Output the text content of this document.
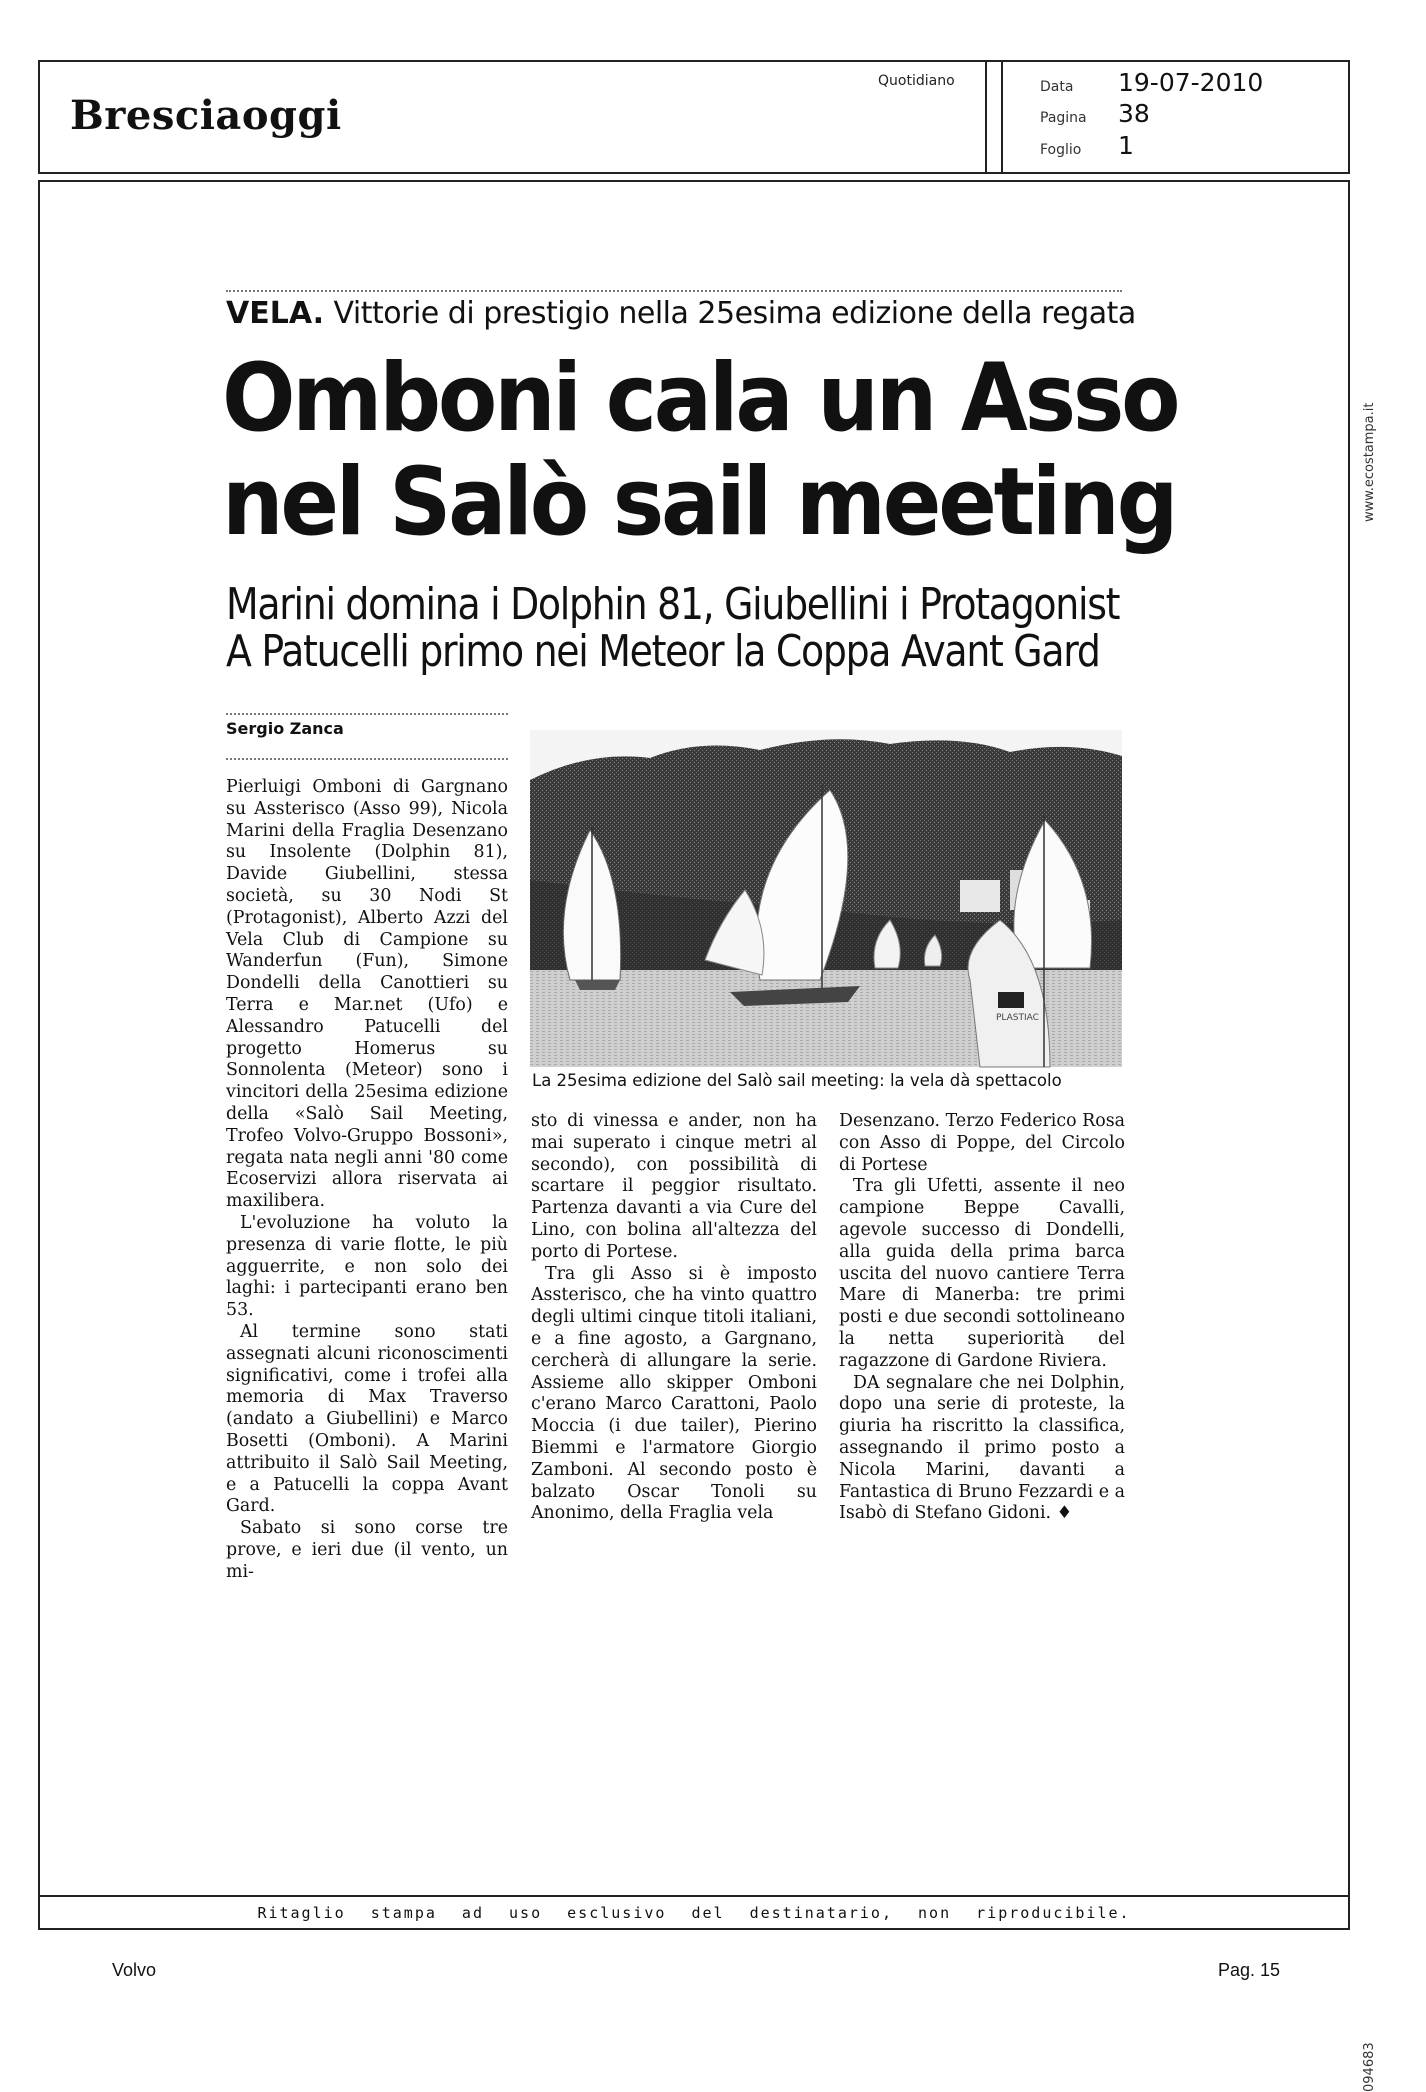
Bresciaoggi
Quotidiano	Data 19-07-2010
Pagina 38
Foglio 1
www.ecostampa.it
094683
Ritaglio stampa ad uso esclusivo del destinatario, non riproducibile.
VELA. Vittorie di prestigio nella 25esima edizione della regata
Omboni cala un Asso
nel Salò sail meeting
Marini domina i Dolphin 81, Giubellini i Protagonist
A Patucelli primo nei Meteor la Coppa Avant Gard
Sergio Zanca

Pierluigi Omboni di Gargnano su Assterisco (Asso 99), Nicola Marini della Fraglia Desenzano su Insolente (Dolphin 81), Davide Giubellini, stessa società, su 30 Nodi St (Protagonist), Alberto Azzi del Vela Club di Campione su Wanderfun (Fun), Simone Dondelli della Canottieri su Terra e Mar.net (Ufo) e Alessandro Patucelli del progetto Homerus su Sonnolenta (Meteor) sono i vincitori della 25esima edizione della «Salò Sail Meeting, Trofeo Volvo-Gruppo Bossoni», regata nata negli anni '80 come Ecoservizi allora riservata ai maxilibera.

L'evoluzione ha voluto la presenza di varie flotte, le più agguerrite, e non solo dei laghi: i partecipanti erano ben 53.

Al termine sono stati assegnati alcuni riconoscimenti significativi, come i trofei alla memoria di Max Traverso (andato a Giubellini) e Marco Bosetti (Omboni). A Marini attribuito il Salò Sail Meeting, e a Patucelli la coppa Avant Gard.

Sabato si sono corse tre prove, e ieri due (il vento, un mi-

PLASTIAC
La 25esima edizione del Salò sail meeting: la vela dà spettacolo

sto di vinessa e ander, non ha mai superato i cinque metri al secondo), con possibilità di scartare il peggior risultato. Partenza davanti a via Cure del Lino, con bolina all'altezza del porto di Portese.

Tra gli Asso si è imposto Assterisco, che ha vinto quattro degli ultimi cinque titoli italiani, e a fine agosto, a Gargnano, cercherà di allungare la serie. Assieme allo skipper Omboni c'erano Marco Carattoni, Paolo Moccia (i due tailer), Pierino Biemmi e l'armatore Giorgio Zamboni. Al secondo posto è balzato Oscar Tonoli su Anonimo, della Fraglia vela

Desenzano. Terzo Federico Rosa con Asso di Poppe, del Circolo di Portese

Tra gli Ufetti, assente il neo campione Beppe Cavalli, agevole successo di Dondelli, alla guida della prima barca uscita del nuovo cantiere Terra Mare di Manerba: tre primi posti e due secondi sottolineano la netta superiorità del ragazzone di Gardone Riviera.

DA segnalare che nei Dolphin, dopo una serie di proteste, la giuria ha riscritto la classifica, assegnando il primo posto a Nicola Marini, davanti a Fantastica di Bruno Fezzardi e a Isabò di Stefano Gidoni. ♦

Volvo	Pag. 15
